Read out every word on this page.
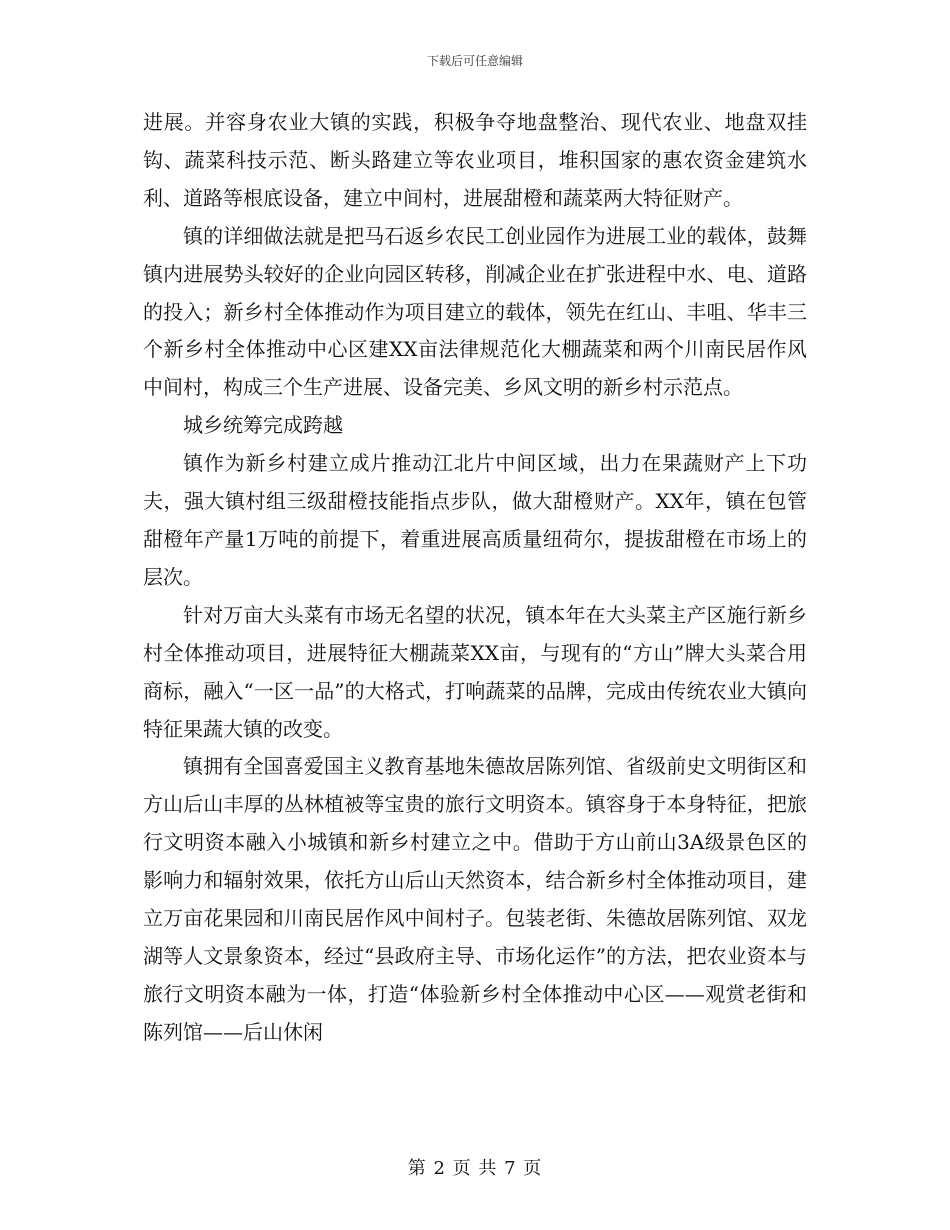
下载后可任意编辑

进展。并容身农业大镇的实践，积极争夺地盘整治、现代农业、地盘双挂钩、蔬菜科技示范、断头路建立等农业项目，堆积国家的惠农资金建筑水利、道路等根底设备，建立中间村，进展甜橙和蔬菜两大特征财产。

镇的详细做法就是把马石返乡农民工创业园作为进展工业的载体，鼓舞镇内进展势头较好的企业向园区转移，削减企业在扩张进程中水、电、道路的投入；新乡村全体推动作为项目建立的载体，领先在红山、丰咀、华丰三个新乡村全体推动中心区建XX亩法律规范化大棚蔬菜和两个川南民居作风中间村，构成三个生产进展、设备完美、乡风文明的新乡村示范点。

城乡统筹完成跨越

镇作为新乡村建立成片推动江北片中间区域，出力在果蔬财产上下功夫，强大镇村组三级甜橙技能指点步队，做大甜橙财产。XX年，镇在包管甜橙年产量1万吨的前提下，着重进展高质量纽荷尔，提拔甜橙在市场上的层次。

针对万亩大头菜有市场无名望的状况，镇本年在大头菜主产区施行新乡村全体推动项目，进展特征大棚蔬菜XX亩，与现有的“方山”牌大头菜合用商标，融入“一区一品”的大格式，打响蔬菜的品牌，完成由传统农业大镇向特征果蔬大镇的改变。

镇拥有全国喜爱国主义教育基地朱德故居陈列馆、省级前史文明街区和方山后山丰厚的丛林植被等宝贵的旅行文明资本。镇容身于本身特征，把旅行文明资本融入小城镇和新乡村建立之中。借助于方山前山3A级景色区的影响力和辐射效果，依托方山后山天然资本，结合新乡村全体推动项目，建立万亩花果园和川南民居作风中间村子。包装老街、朱德故居陈列馆、双龙湖等人文景象资本，经过“县政府主导、市场化运作”的方法，把农业资本与旅行文明资本融为一体，打造“体验新乡村全体推动中心区——观赏老街和陈列馆——后山休闲

第 2 页 共 7 页
